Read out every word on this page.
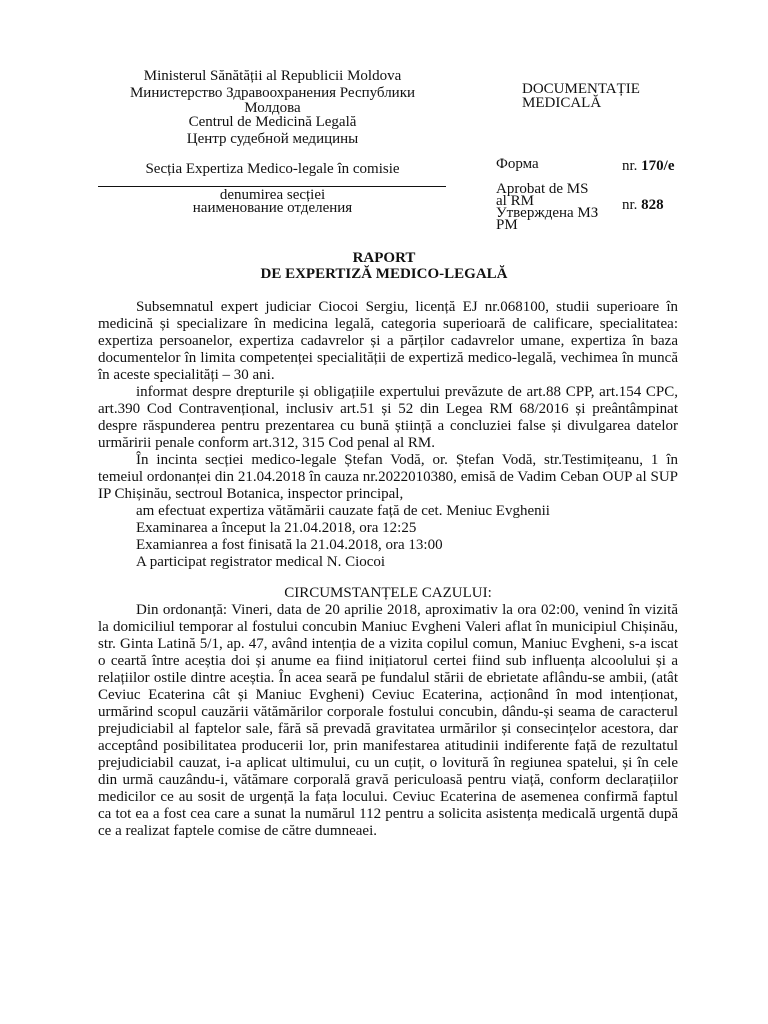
Ministerul Sănătății al Republicii Moldova
Министерство Здравоохранения Республики
Молдова
Centrul de Medicină Legală
Центр судебной медицины
Secția Expertiza Medico-legale în comisie
denumirea secției
наименование отделения
DOCUMENTAȚIE
MEDICALĂ
Форма	nr. 170/e
Aprobat de MS
al RM
Утверждена МЗ
РМ
nr. 828
RAPORT
DE EXPERTIZĂ MEDICO-LEGALĂ

Subsemnatul expert judiciar Ciocoi Sergiu, licență EJ nr.068100, studii superioare în medicină și specializare în medicina legală, categoria superioară de calificare, specialitatea: expertiza persoanelor, expertiza cadavrelor și a părților cadavrelor umane, expertiza în baza documentelor în limita competenței specialității de expertiză medico-legală, vechimea în muncă în aceste specialități – 30 ani.

informat despre drepturile și obligațiile expertului prevăzute de art.88 CPP, art.154 CPC, art.390 Cod Contravențional, inclusiv art.51 și 52 din Legea RM 68/2016 și preântâmpinat despre răspunderea pentru prezentarea cu bună știință a concluziei false și divulgarea datelor urmăririi penale conform art.312, 315 Cod penal al RM.

În incinta secției medico-legale Ștefan Vodă, or. Ștefan Vodă, str.Testimițeanu, 1 în temeiul ordonanței din 21.04.2018 în cauza nr.2022010380, emisă de Vadim Ceban OUP al SUP IP Chișinău, sectroul Botanica, inspector principal,

am efectuat expertiza vătămării cauzate față de cet. Meniuc Evghenii
Examinarea a început la 21.04.2018, ora 12:25
Examianrea a fost finisată la 21.04.2018, ora 13:00
A participat registrator medical N. Ciocoi
CIRCUMSTANȚELE CAZULUI:

Din ordonanță: Vineri, data de 20 aprilie 2018, aproximativ la ora 02:00, venind în vizită la domiciliul temporar al fostului concubin Maniuc Evgheni Valeri aflat în municipiul Chișinău, str. Ginta Latină 5/1, ap. 47, având intenția de a vizita copilul comun, Maniuc Evgheni, s-a iscat o ceartă între aceștia doi și anume ea fiind inițiatorul certei fiind sub influența alcoolului și a relațiilor ostile dintre aceștia. În acea seară pe fundalul stării de ebrietate aflându-se ambii, (atât Ceviuc Ecaterina cât și Maniuc Evgheni) Ceviuc Ecaterina, acționând în mod intenționat, urmărind scopul cauzării vătămărilor corporale fostului concubin, dându-și seama de caracterul prejudiciabil al faptelor sale, fără să prevadă gravitatea urmărilor și consecințelor acestora, dar acceptând posibilitatea producerii lor, prin manifestarea atitudinii indiferente față de rezultatul prejudiciabil cauzat, i-a aplicat ultimului, cu un cuțit, o lovitură în regiunea spatelui, și în cele din urmă cauzându-i, vătămare corporală gravă periculoasă pentru viață, conform declarațiilor medicilor ce au sosit de urgență la fața locului. Ceviuc Ecaterina de asemenea confirmă faptul ca tot ea a fost cea care a sunat la numărul 112 pentru a solicita asistența medicală urgentă după ce a realizat faptele comise de către dumneaei.
